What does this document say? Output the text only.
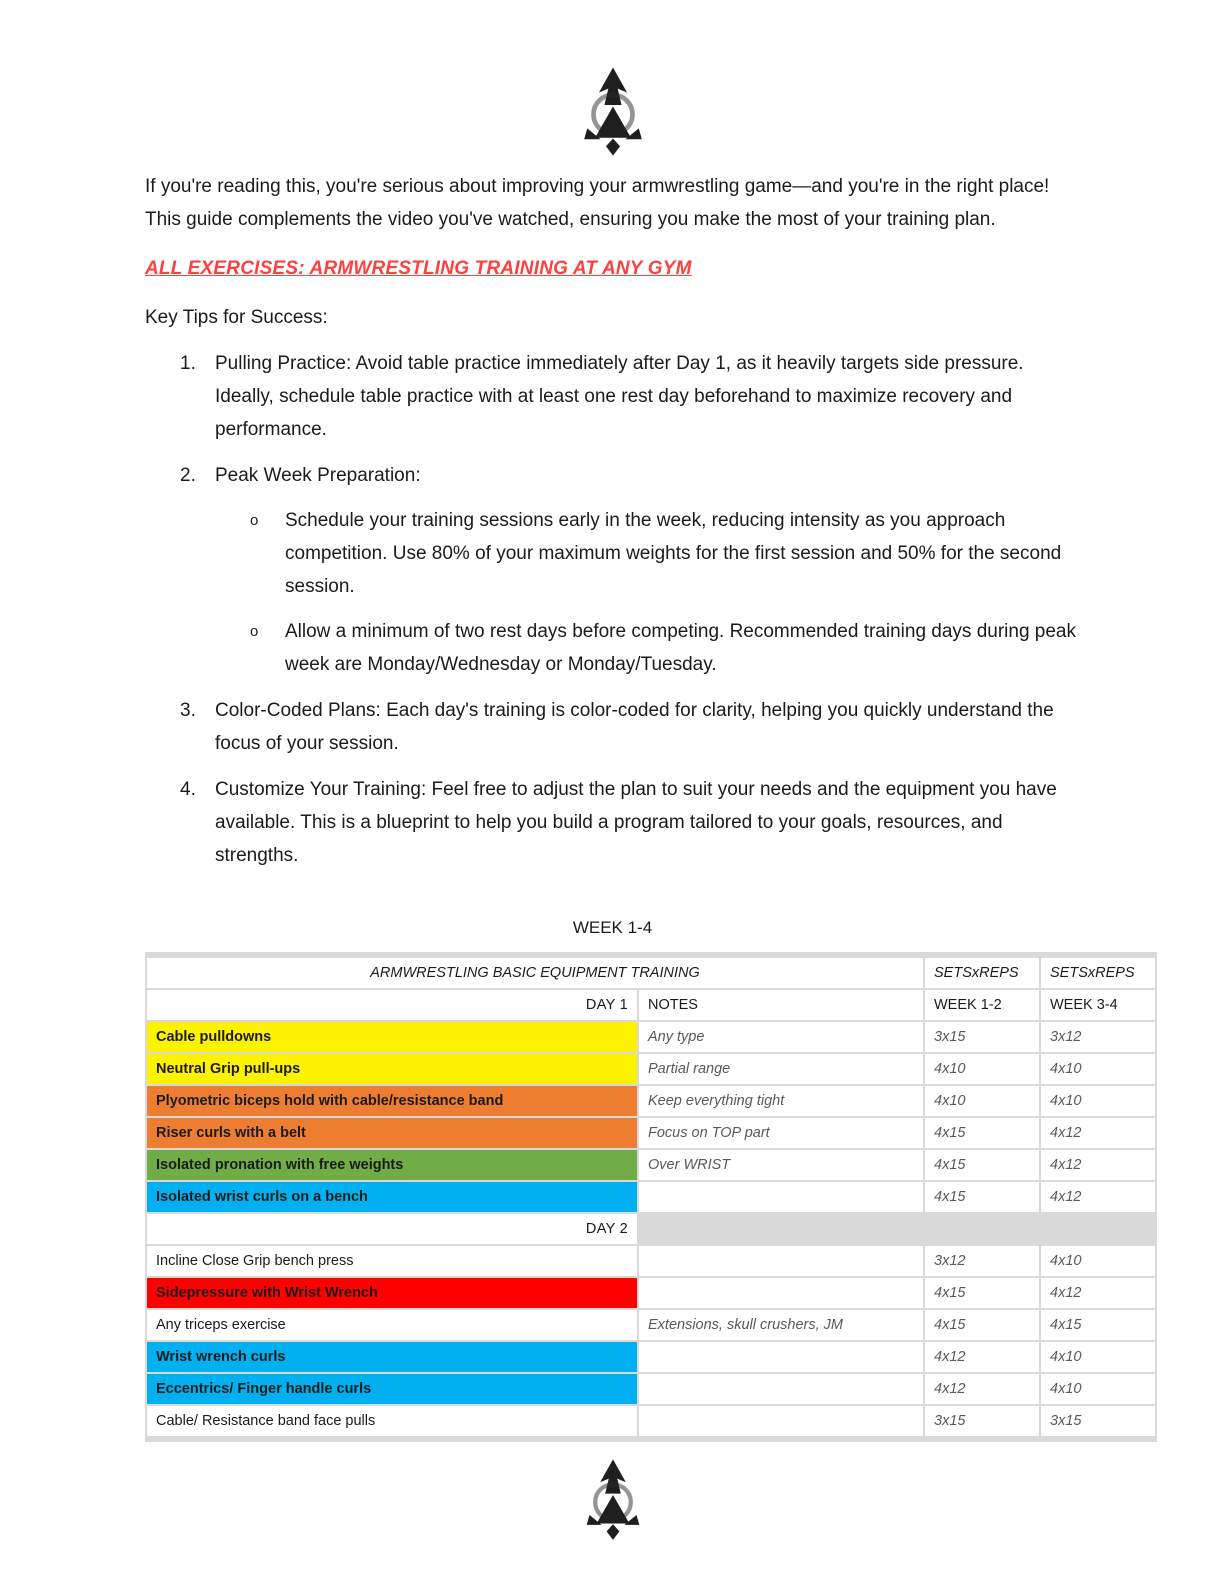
If you're reading this, you're serious about improving your armwrestling game—and you're in the right place! This guide complements the video you've watched, ensuring you make the most of your training plan.

ALL EXERCISES: ARMWRESTLING TRAINING AT ANY GYM

Key Tips for Success:

1.	Pulling Practice: Avoid table practice immediately after Day 1, as it heavily targets side pressure. Ideally, schedule table practice with at least one rest day beforehand to maximize recovery and performance.
2.	Peak Week Preparation:
o	Schedule your training sessions early in the week, reducing intensity as you approach competition. Use 80% of your maximum weights for the first session and 50% for the second session.
o	Allow a minimum of two rest days before competing. Recommended training days during peak week are Monday/Wednesday or Monday/Tuesday.
3.	Color-Coded Plans: Each day's training is color-coded for clarity, helping you quickly understand the focus of your session.
4.	Customize Your Training: Feel free to adjust the plan to suit your needs and the equipment you have available. This is a blueprint to help you build a program tailored to your goals, resources, and strengths.
WEEK 1-4
ARMWRESTLING BASIC EQUIPMENT TRAINING		SETSxREPS	SETSxREPS
DAY 1	NOTES	WEEK 1-2	WEEK 3-4
Cable pulldowns	Any type	3x15	3x12
Neutral Grip pull-ups	Partial range	4x10	4x10
Plyometric biceps hold with cable/resistance band	Keep everything tight	4x10	4x10
Riser curls with a belt	Focus on TOP part	4x15	4x12
Isolated pronation with free weights	Over WRIST	4x15	4x12
Isolated wrist curls on a bench		4x15	4x12
DAY 2			
Incline Close Grip bench press		3x12	4x10
Sidepressure with Wrist Wrench		4x15	4x12
Any triceps exercise	Extensions, skull crushers, JM	4x15	4x15
Wrist wrench curls		4x12	4x10
Eccentrics/ Finger handle curls		4x12	4x10
Cable/ Resistance band face pulls		3x15	3x15
